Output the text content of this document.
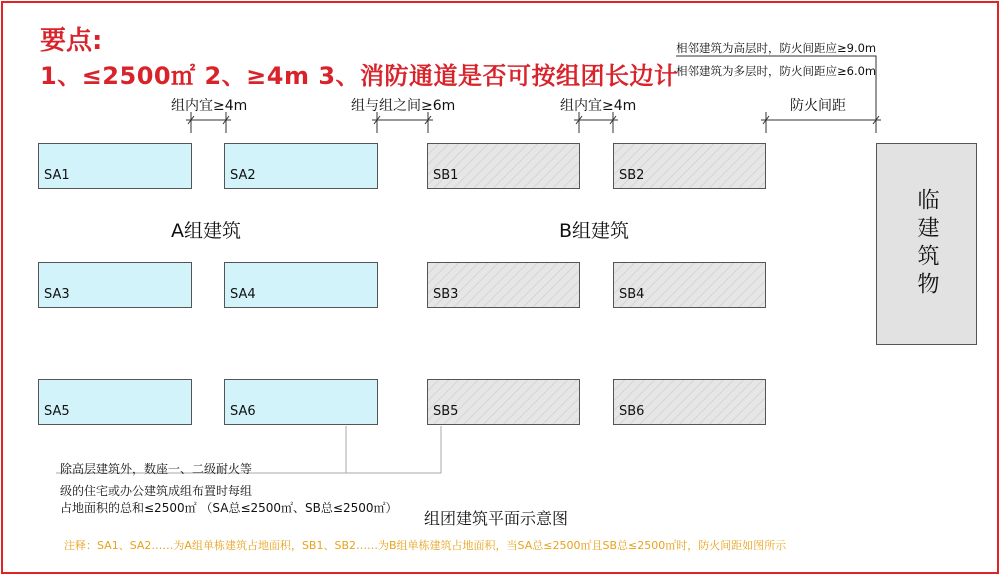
要点:
1、≤2500㎡ 2、≥4m 3、消防通道是否可按组团长边计
相邻建筑为高层时，防火间距应≥9.0m
相邻建筑为多层时，防火间距应≥6.0m
组内宜≥4m	组与组之间≥6m	组内宜≥4m	防火间距
SA1	SA2	SB1	SB2
A组建筑	B组建筑
SA3	SA4	SB3	SB4
SA5	SA6	SB5	SB6
临建筑物
除高层建筑外，数座一、二级耐火等
级的住宅或办公建筑成组布置时每组
占地面积的总和≤2500㎡ （SA总≤2500㎡、SB总≤2500㎡）
组团建筑平面示意图
注释：SA1、SA2……为A组单栋建筑占地面积，SB1、SB2……为B组单栋建筑占地面积，当SA总≤2500㎡且SB总≤2500㎡时，防火间距如图所示
